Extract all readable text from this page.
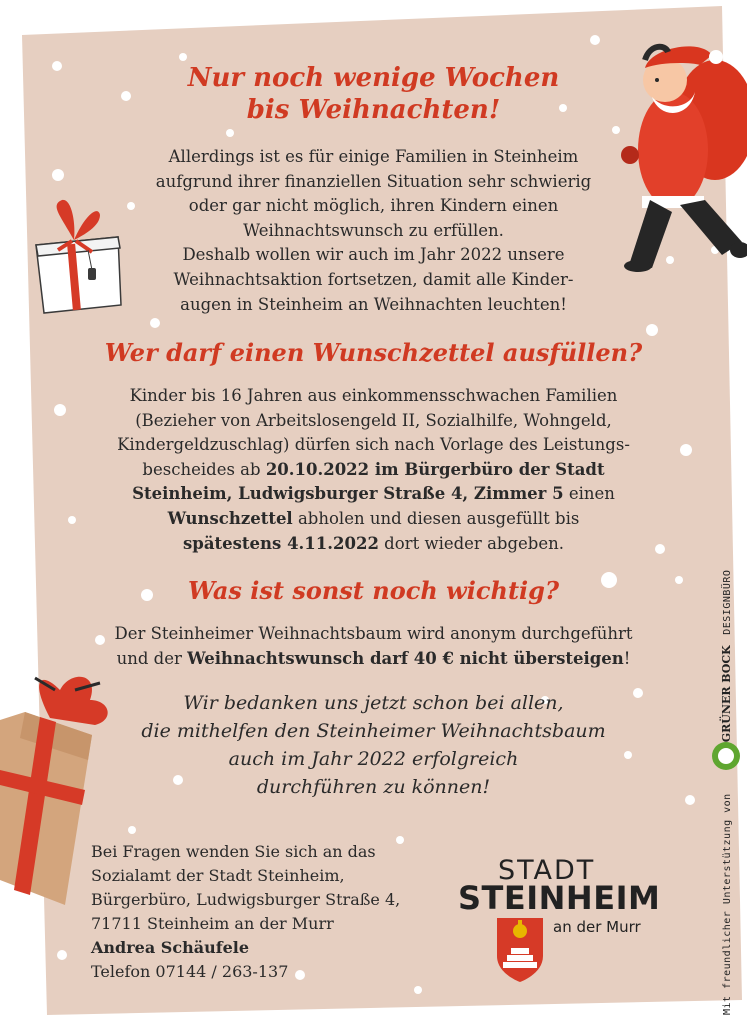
Nur noch wenige Wochen
bis Weihnachten!
Allerdings ist es für einige Familien in Steinheim
aufgrund ihrer finanziellen Situation sehr schwierig
oder gar nicht möglich, ihren Kindern einen
Weihnachtswunsch zu erfüllen.
Deshalb wollen wir auch im Jahr 2022 unsere
Weihnachtsaktion fortsetzen, damit alle Kinder-
augen in Steinheim an Weihnachten leuchten!
Wer darf einen Wunschzettel ausfüllen?
Kinder bis 16 Jahren aus einkommensschwachen Familien
(Bezieher von Arbeitslosengeld II, Sozialhilfe, Wohngeld,
Kindergeldzuschlag) dürfen sich nach Vorlage des Leistungs-
bescheides ab 20.10.2022 im Bürgerbüro der Stadt
Steinheim, Ludwigsburger Straße 4, Zimmer 5 einen
Wunschzettel abholen und diesen ausgefüllt bis
spätestens 4.11.2022 dort wieder abgeben.
Was ist sonst noch wichtig?
Der Steinheimer Weihnachtsbaum wird anonym durchgeführt
und der Weihnachtswunsch darf 40 € nicht übersteigen!
Wir bedanken uns jetzt schon bei allen,
die mithelfen den Steinheimer Weihnachtsbaum
auch im Jahr 2022 erfolgreich
durchführen zu können!
Bei Fragen wenden Sie sich an das
Sozialamt der Stadt Steinheim,
Bürgerbüro, Ludwigsburger Straße 4,
71711 Steinheim an der Murr
Andrea Schäufele
Telefon 07144 / 263-137
STADT
STEINHEIM
an der Murr	Mit freundlicher Unterstützung von  GRÜNER BOCK DESIGNBÜRO
